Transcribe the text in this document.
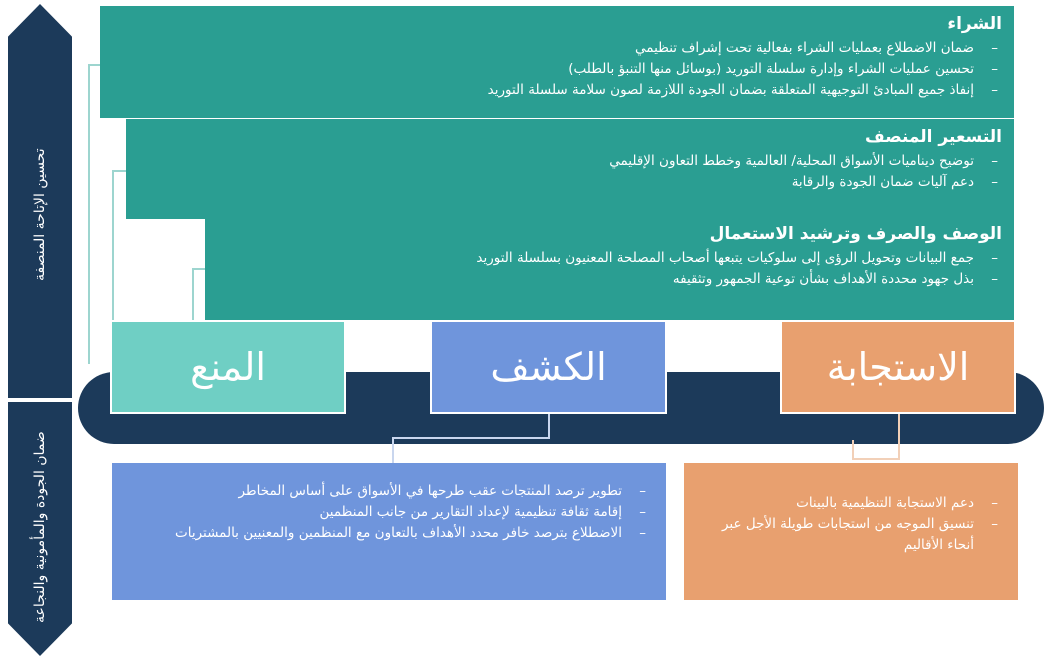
تحسين الإتاحة المنصفة
ضمان الجودة والمأمونية والنجاعة
الشراء
– ضمان الاضطلاع بعمليات الشراء بفعالية تحت إشراف تنظيمي
– تحسين عمليات الشراء وإدارة سلسلة التوريد (بوسائل منها التنبؤ بالطلب)
– إنفاذ جميع المبادئ التوجيهية المتعلقة بضمان الجودة اللازمة لصون سلامة سلسلة التوريد
التسعير المنصف
– توضيح ديناميات الأسواق المحلية/ العالمية وخطط التعاون الإقليمي
– دعم آليات ضمان الجودة والرقابة
الوصف والصرف وترشيد الاستعمال
– جمع البيانات وتحويل الرؤى إلى سلوكيات يتبعها أصحاب المصلحة المعنيون بسلسلة التوريد
– بذل جهود محددة الأهداف بشأن توعية الجمهور وتثقيفه
المنع	الكشف	الاستجابة
– تطوير ترصد المنتجات عقب طرحها في الأسواق على أساس المخاطر
– إقامة ثقافة تنظيمية لإعداد التقارير من جانب المنظمين
– الاضطلاع بترصد خافر محدد الأهداف بالتعاون مع المنظمين والمعنيين بالمشتريات
– دعم الاستجابة التنظيمية بالبينات
– تنسيق الموجه من استجابات طويلة الأجل عبر أنحاء الأقاليم
